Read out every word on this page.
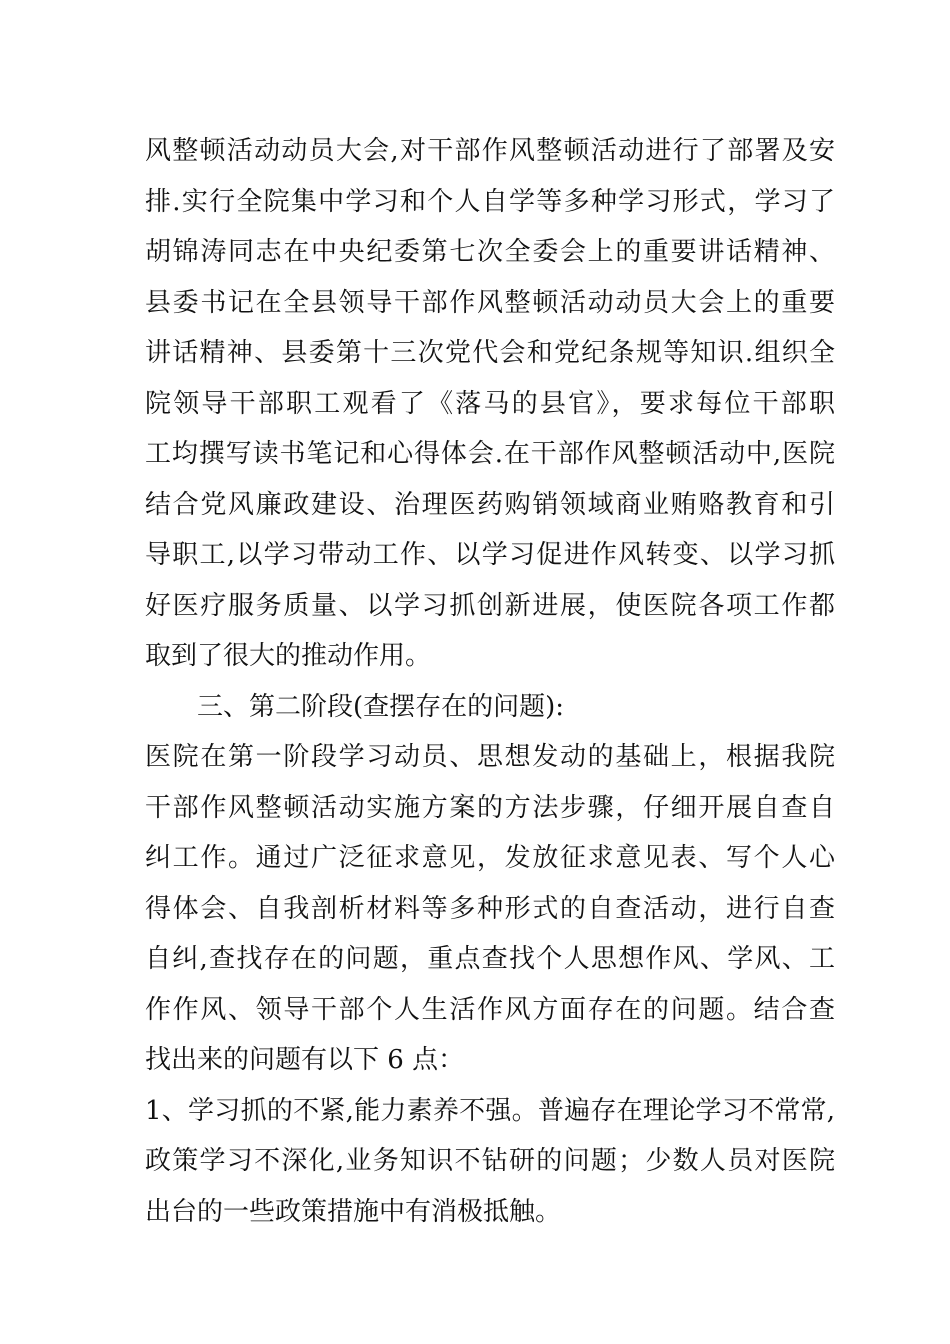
风整顿活动动员大会,对干部作风整顿活动进行了部署及安
排.实行全院集中学习和个人自学等多种学习形式，学习了
胡锦涛同志在中央纪委第七次全委会上的重要讲话精神、
县委书记在全县领导干部作风整顿活动动员大会上的重要
讲话精神、县委第十三次党代会和党纪条规等知识.组织全
院领导干部职工观看了《落马的县官》，要求每位干部职
工均撰写读书笔记和心得体会.在干部作风整顿活动中,医院
结合党风廉政建设、治理医药购销领域商业贿赂教育和引
导职工,以学习带动工作、以学习促进作风转变、以学习抓
好医疗服务质量、以学习抓创新进展，使医院各项工作都
取到了很大的推动作用。
三、第二阶段(查摆存在的问题):
医院在第一阶段学习动员、思想发动的基础上，根据我院
干部作风整顿活动实施方案的方法步骤，仔细开展自查自
纠工作。通过广泛征求意见，发放征求意见表、写个人心
得体会、自我剖析材料等多种形式的自查活动，进行自查
自纠,查找存在的问题，重点查找个人思想作风、学风、工
作作风、领导干部个人生活作风方面存在的问题。结合查
找出来的问题有以下 6 点：
1、学习抓的不紧,能力素养不强。普遍存在理论学习不常常,
政策学习不深化,业务知识不钻研的问题；少数人员对医院
出台的一些政策措施中有消极抵触。
